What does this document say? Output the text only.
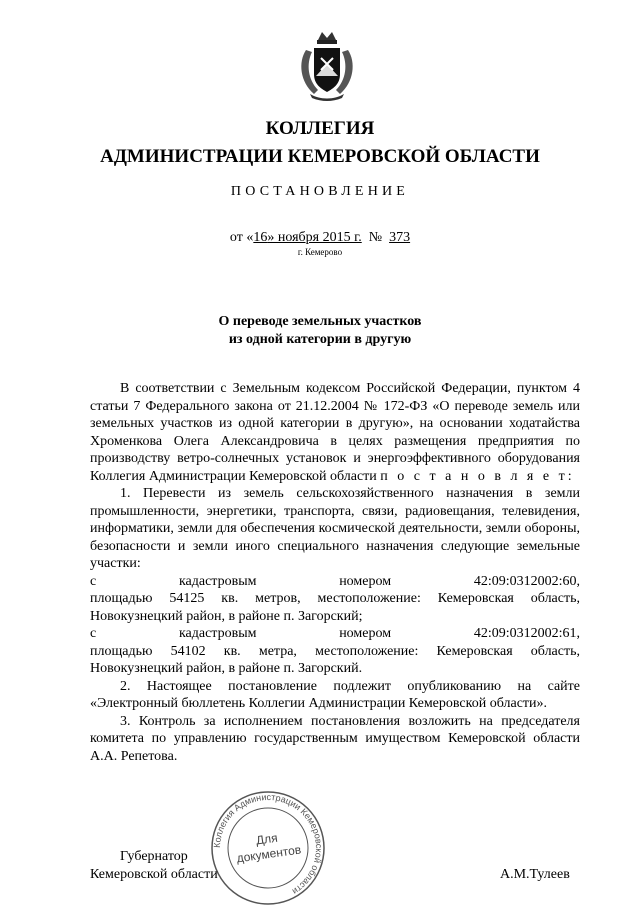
КОЛЛЕГИЯ
АДМИНИСТРАЦИИ КЕМЕРОВСКОЙ ОБЛАСТИ
ПОСТАНОВЛЕНИЕ
от «16» ноября 2015 г. № 373
г. Кемерово
О переводе земельных участков
из одной категории в другую

В соответствии с Земельным кодексом Российской Федерации, пунктом 4 статьи 7 Федерального закона от 21.12.2004 № 172-ФЗ «О переводе земель или земельных участков из одной категории в другую», на основании ходатайства Хроменкова Олега Александровича в целях размещения предприятия по производству ветро-солнечных установок и энергоэффективного оборудования Коллегия Администрации Кемеровской области п о с т а н о в л я е т:

1. Перевести из земель сельскохозяйственного назначения в земли промышленности, энергетики, транспорта, связи, радиовещания, телевидения, информатики, земли для обеспечения космической деятельности, земли обороны, безопасности и земли иного специального назначения следующие земельные участки:

с	кадастровым	номером	42:09:0312002:60,

площадью 54125 кв. метров, местоположение: Кемеровская область, Новокузнецкий район, в районе п. Загорский;

с	кадастровым	номером	42:09:0312002:61,

площадью 54102 кв. метра, местоположение: Кемеровская область, Новокузнецкий район, в районе п. Загорский.

2. Настоящее постановление подлежит опубликованию на сайте «Электронный бюллетень Коллегии Администрации Кемеровской области».

3. Контроль за исполнением постановления возложить на председателя комитета по управлению государственным имуществом Кемеровской области А.А. Репетова.

Коллегия Администрации Кемеровской области
Для
документов
Губернатор
Кемеровской области	А.М.Тулеев
